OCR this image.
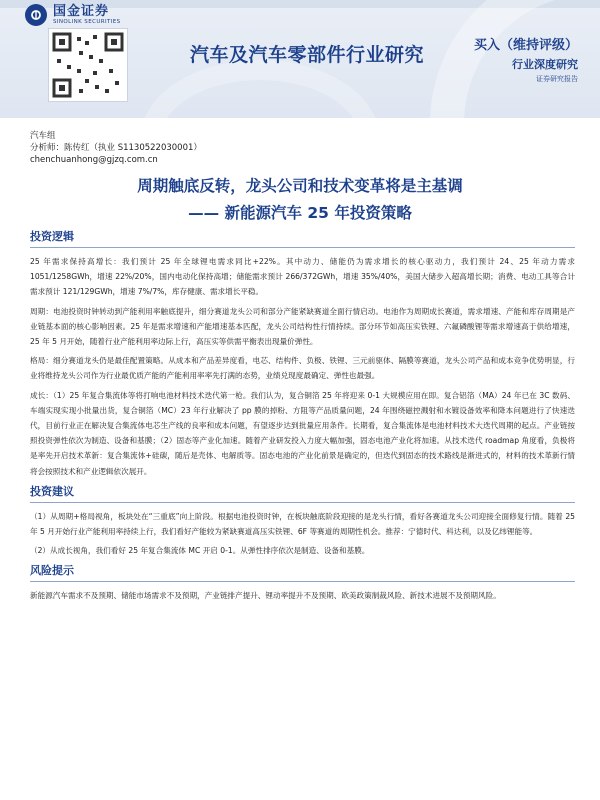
国金证券
SINOLINK SECURITIES
汽车及汽车零部件行业研究	买入（维持评级）
行业深度研究
证券研究报告
汽车组
分析师：陈传红（执业 S1130522030001）
chenchuanhong@gjzq.com.cn
周期触底反转，龙头公司和技术变革将是主基调
—— 新能源汽车 25 年投资策略
投资逻辑

25 年需求保持高增长：我们预计 25 年全球锂电需求同比+22%。其中动力、储能仍为需求增长的核心驱动力，我们预计 24、25 年动力需求 1051/1258GWh，增速 22%/20%，国内电动化保持高增；储能需求预计 266/372GWh，增速 35%/40%，美国大储步入超高增长期；消费、电动工具等合计需求预计 121/129GWh，增速 7%/7%，库存健康、需求增长平稳。

周期：电池投资时钟转动到产能利用率触底提升，细分赛道龙头公司和部分产能紧缺赛道全面行情启动。电池作为周期成长赛道，需求增速、产能和库存周期是产业链基本面的核心影响因素。25 年是需求增速和产能增速基本匹配，龙头公司结构性行情持续。部分环节如高压实铁锂、六氟磷酸锂等需求增速高于供给增速，25 年 5 月开始，随着行业产能利用率边际上行，高压实等供需平衡表出现量价弹性。

格局：细分赛道龙头仍是最佳配置策略。从成本和产品差异度看，电芯、结构件、负极、铁锂、三元前驱体、隔膜等赛道，龙头公司产品和成本竞争优势明显，行业将维持龙头公司作为行业最优质产能的产能利用率率先打满的态势，业绩兑现度最确定、弹性也最强。

成长：（1）25 年复合集流体等将打响电池材料技术迭代第一枪。我们认为，复合铜箔 25 年将迎来 0-1 大规模应用在即。复合铝箔（MA）24 年已在 3C 数码、车端实现实现小批量出货，复合铜箔（MC）23 年行业解决了 pp 膜的掉粉、方阻等产品质量问题，24 年围绕磁控溅射和水镀设备效率和降本问题进行了快速迭代，目前行业正在解决复合集流体电芯生产线的良率和成本问题，有望逐步达到批量应用条件。长期看，复合集流体是电池材料技术大迭代周期的起点。产业链按照投资弹性依次为制造、设备和基膜；（2）固态等产业化加速。随着产业研发投入力度大幅加强，固态电池产业化将加速。从技术迭代 roadmap 角度看，负极将是率先开启技术革新：复合集流体+硅碳，随后是壳体、电解质等。固态电池的产业化前景是确定的，但迭代到固态的技术路线是渐进式的，材料的技术革新行情将会按照技术和产业逻辑依次展开。

投资建议

（1）从周期+格局视角，板块处在“三重底”向上阶段。根据电池投资时钟，在板块触底阶段迎接的是龙头行情，看好各赛道龙头公司迎接全面修复行情。随着 25 年 5 月开始行业产能利用率持续上行，我们看好产能较为紧缺赛道高压实铁锂、6F 等赛道的周期性机会。推荐：宁德时代、科达利，以及亿纬锂能等。

（2）从成长视角，我们看好 25 年复合集流体 MC 开启 0-1。从弹性排序依次是制造、设备和基膜。

风险提示

新能源汽车需求不及预期、储能市场需求不及预期，产业链排产提升、锂动率提升不及预期、欧美政策制裁风险、新技术进展不及预期风险。
